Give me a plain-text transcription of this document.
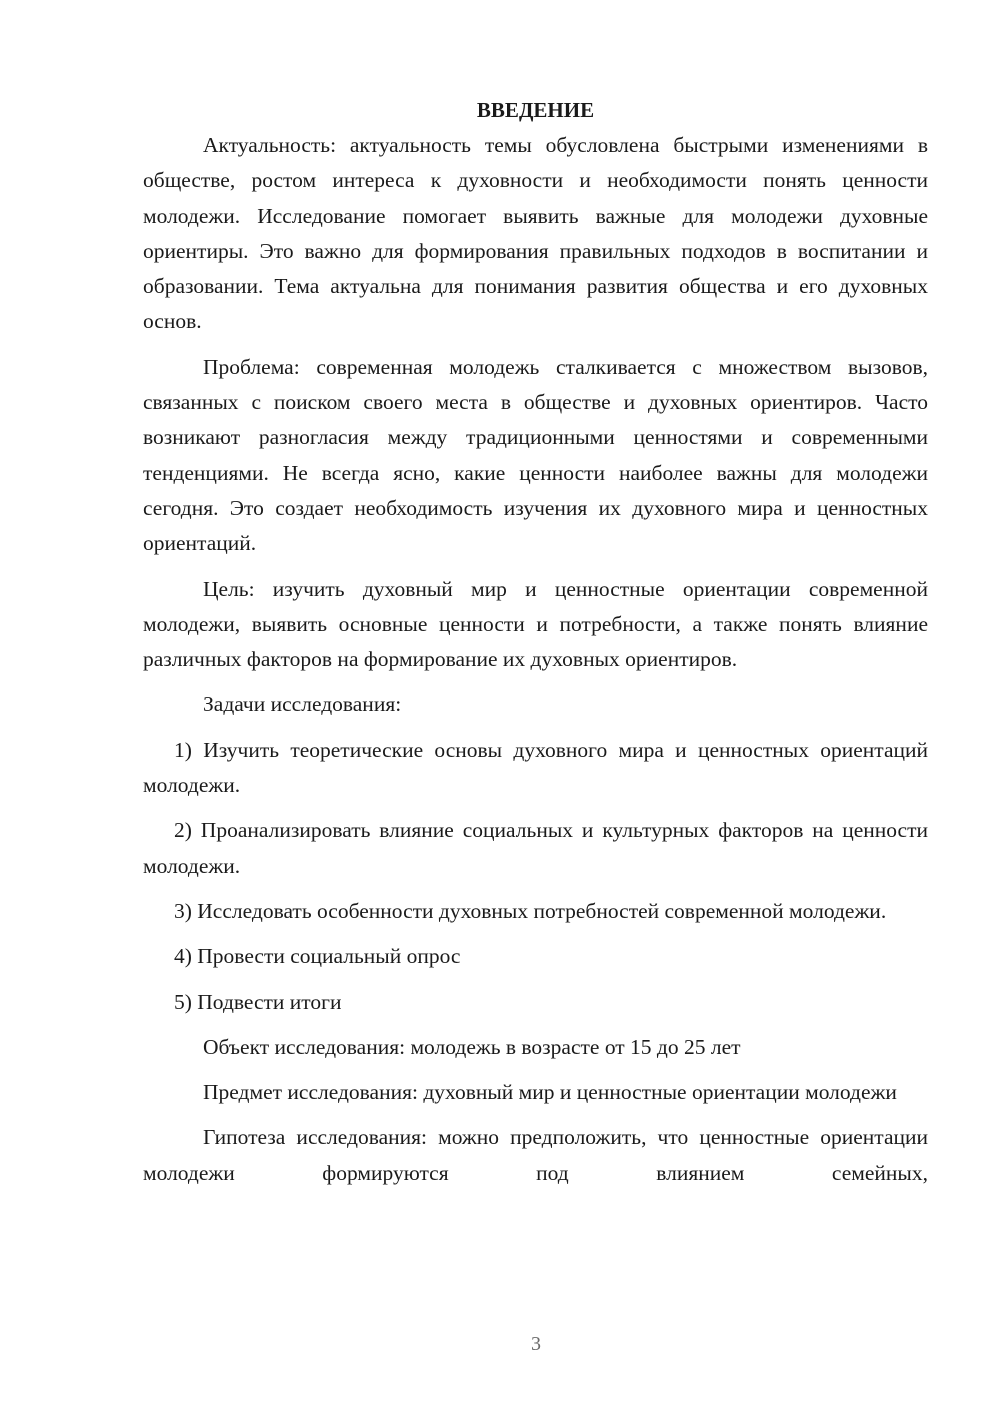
ВВЕДЕНИЕ

Актуальность: актуальность темы обусловлена быстрыми изменениями в обществе, ростом интереса к духовности и необходимости понять ценности молодежи. Исследование помогает выявить важные для молодежи духовные ориентиры. Это важно для формирования правильных подходов в воспитании и образовании. Тема актуальна для понимания развития общества и его духовных основ.

Проблема: современная молодежь сталкивается с множеством вызовов, связанных с поиском своего места в обществе и духовных ориентиров. Часто возникают разногласия между традиционными ценностями и современными тенденциями. Не всегда ясно, какие ценности наиболее важны для молодежи сегодня. Это создает необходимость изучения их духовного мира и ценностных ориентаций.

Цель: изучить духовный мир и ценностные ориентации современной молодежи, выявить основные ценности и потребности, а также понять влияние различных факторов на формирование их духовных ориентиров.

Задачи исследования:

1) Изучить теоретические основы духовного мира и ценностных ориентаций молодежи.

2) Проанализировать влияние социальных и культурных факторов на ценности молодежи.

3) Исследовать особенности духовных потребностей современной молодежи.

4) Провести социальный опрос

5) Подвести итоги

Объект исследования: молодежь в возрасте от 15 до 25 лет

Предмет исследования: духовный мир и ценностные ориентации молодежи

Гипотеза исследования: можно предположить, что ценностные ориентации молодежи формируются под влиянием семейных,

3
